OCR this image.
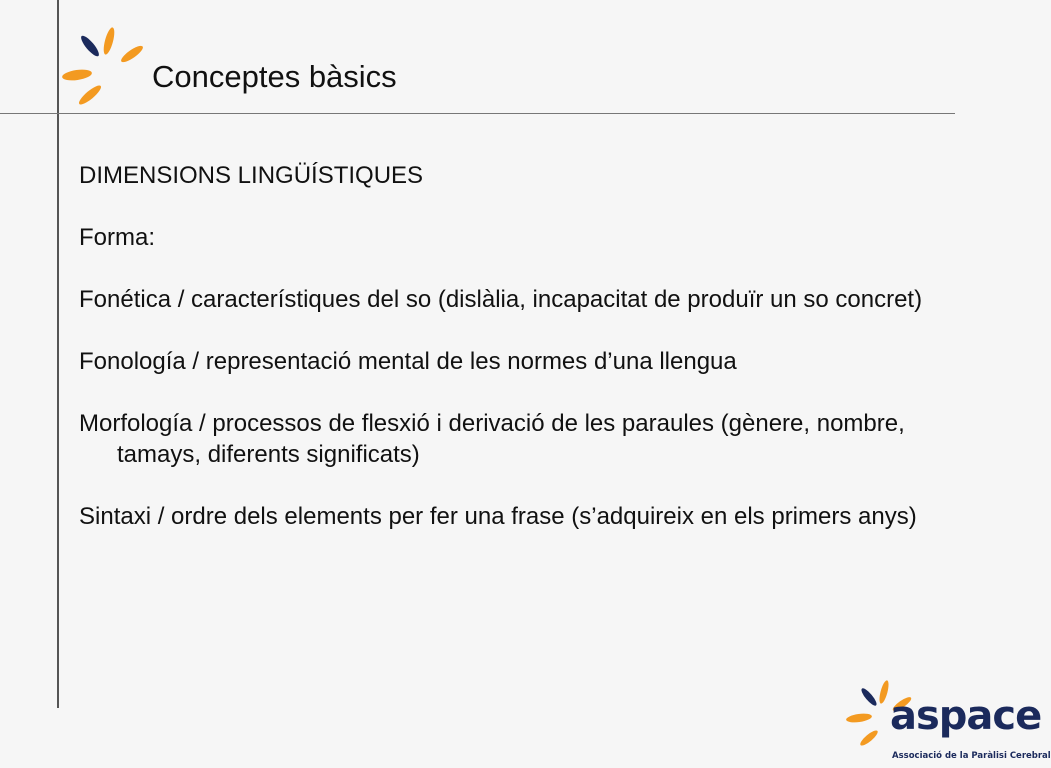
Conceptes bàsics

DIMENSIONS LINGÜÍSTIQUES

Forma:

Fonética / característiques del so (dislàlia, incapacitat de produïr un so concret)

Fonología / representació mental de les normes d’una llengua

Morfología / processos de flesxió i derivació de les paraules (gènere, nombre, tamays, diferents significats)

Sintaxi / ordre dels elements per fer una frase (s’adquireix en els primers anys)

aspace
Associació de la Paràlisi Cerebral
